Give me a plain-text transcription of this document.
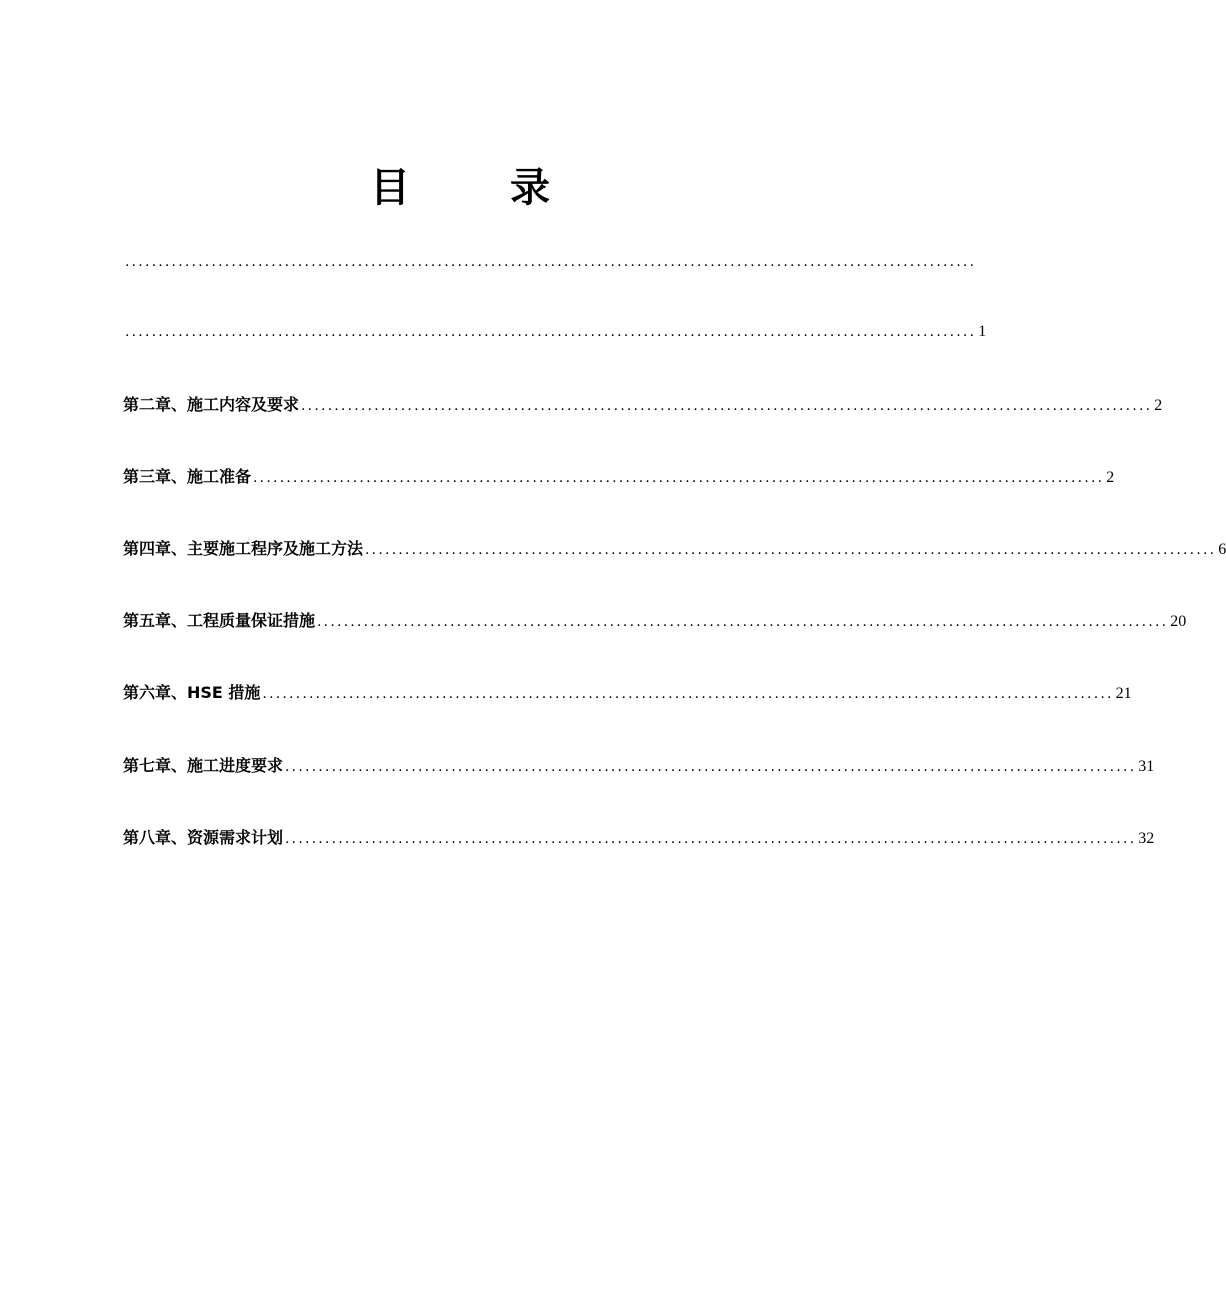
目	录
................................................................................................................................
................................................................................................................................ 1
第二章、施工内容及要求 ................................................................................................................................ 2
第三章、施工准备 ................................................................................................................................ 2
第四章、主要施工程序及施工方法 ................................................................................................................................ 6
第五章、工程质量保证措施 ................................................................................................................................ 20
第六章、HSE 措施 ................................................................................................................................ 21
第七章、施工进度要求 ................................................................................................................................ 31
第八章、资源需求计划 ................................................................................................................................ 32
